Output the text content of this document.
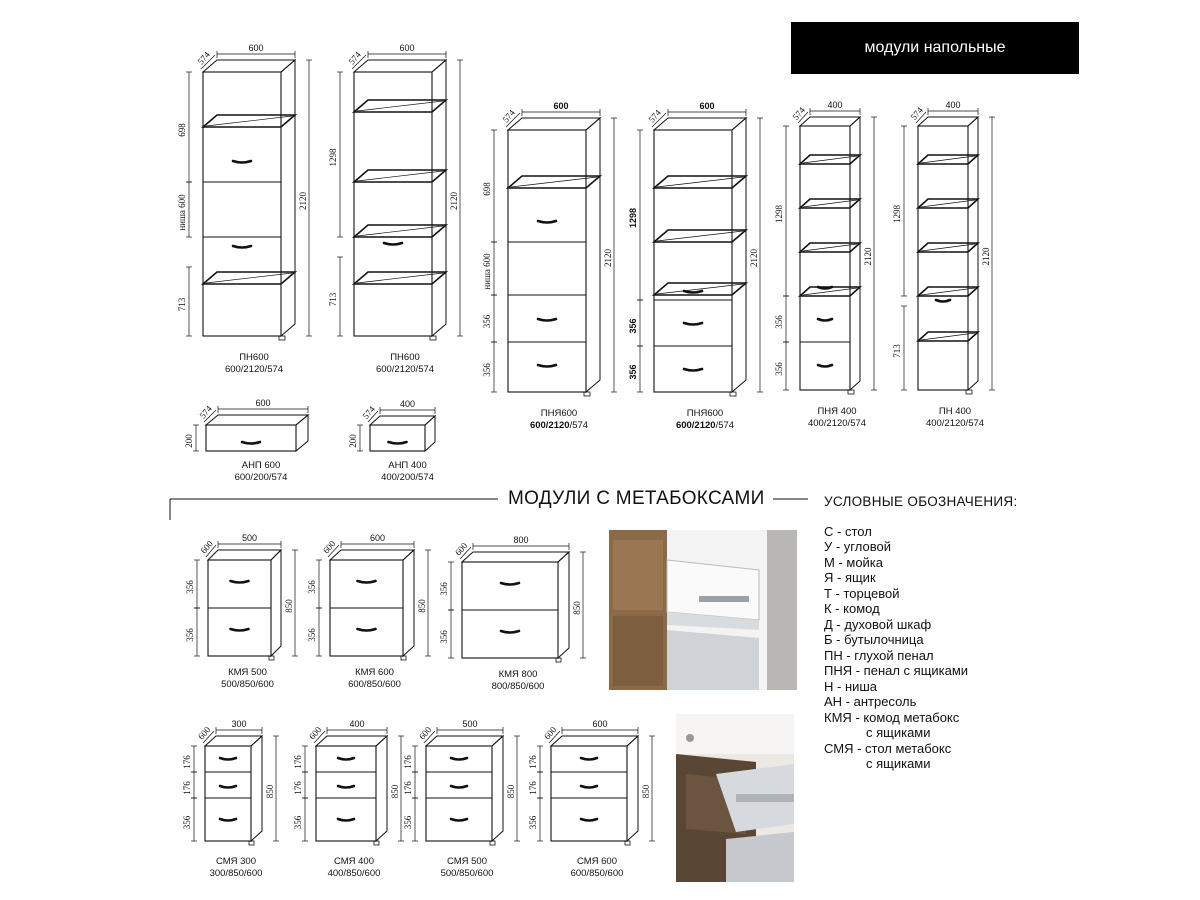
600
574
2120
698
ниша 600
713
ПН600
600/2120/574
600
574
2120
1298
713
ПН600
600/2120/574
600
574
2120
698
ниша 600
356
356
ПНЯ600
600/2120/574
600
574
2120
1298
356
356
ПНЯ600
600/2120/574
400
574
2120
1298
356
356
ПНЯ 400
400/2120/574
400
574
2120
1298
713
ПН 400
400/2120/574
600
574
200
АНП 600
600/200/574
400
574
200
АНП 400
400/200/574
500
600
850
356
356
КМЯ 500
500/850/600
600
600
850
356
356
КМЯ 600
600/850/600
800
600
850
356
356
КМЯ 800
800/850/600
300
600
850
176
176
356
СМЯ 300
300/850/600
400
600
850
176
176
356
СМЯ 400
400/850/600
500
600
850
176
176
356
СМЯ 500
500/850/600
600
600
850
176
176
356
СМЯ 600
600/850/600
модули напольные
МОДУЛИ С МЕТАБОКСАМИ	УСЛОВНЫЕ ОБОЗНАЧЕНИЯ:
С - стол
У - угловой
М - мойка
Я - ящик
Т - торцевой
К - комод
Д - духовой шкаф
Б - бутылочница
ПН - глухой пенал
ПНЯ - пенал с ящиками
Н - ниша
АН - антресоль
КМЯ - комод метабокс
с ящиками
СМЯ - стол метабокс
с ящиками
